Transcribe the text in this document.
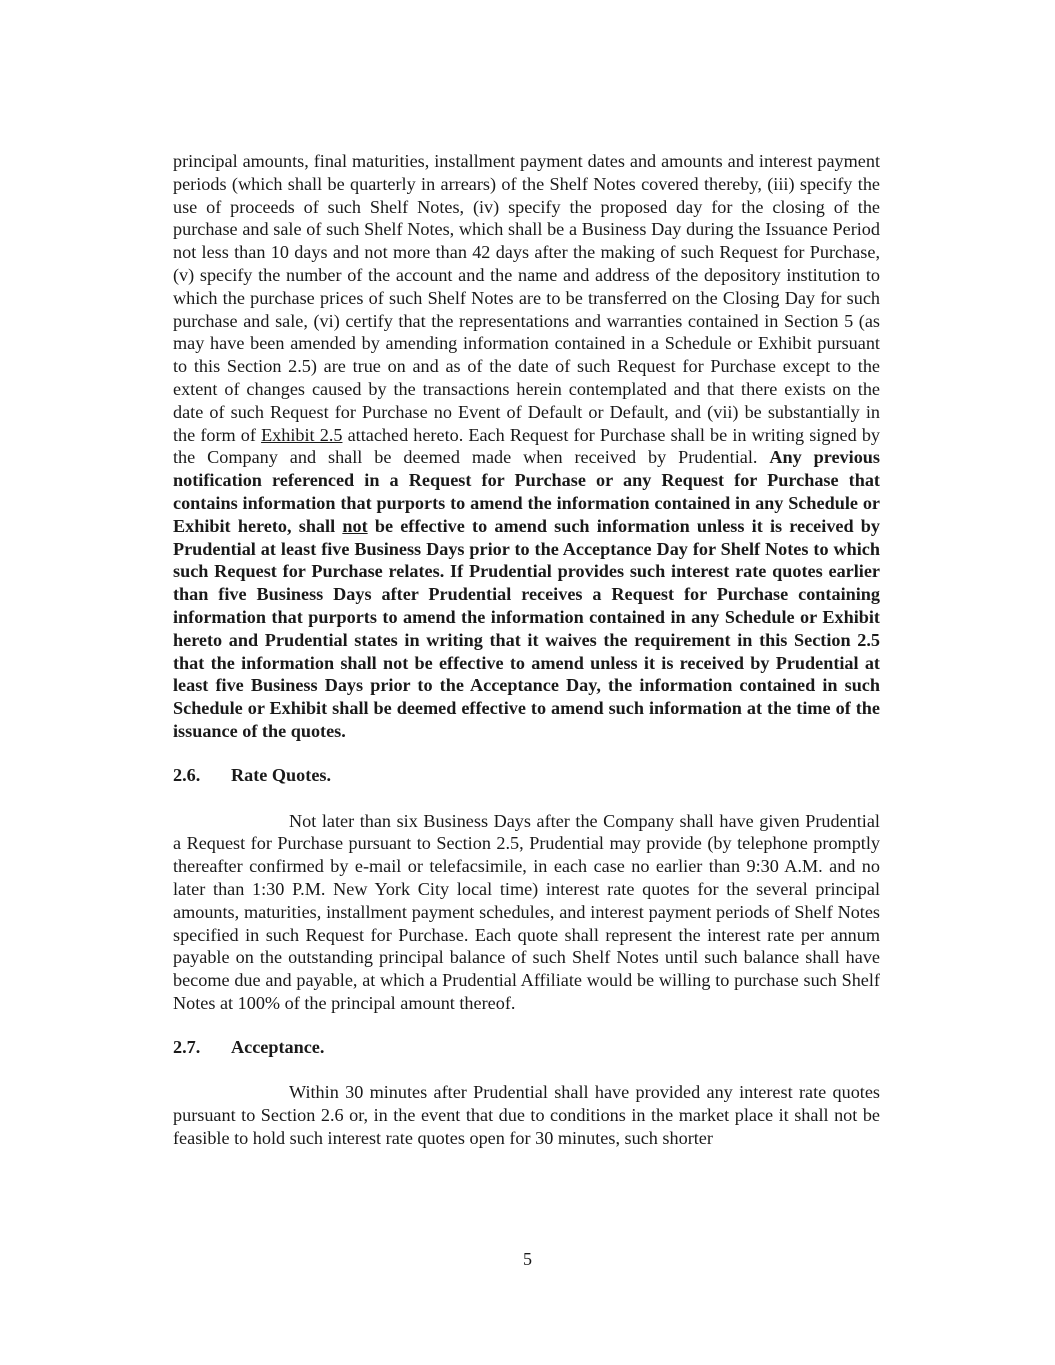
principal amounts, final maturities, installment payment dates and amounts and interest payment periods (which shall be quarterly in arrears) of the Shelf Notes covered thereby, (iii) specify the use of proceeds of such Shelf Notes, (iv) specify the proposed day for the closing of the purchase and sale of such Shelf Notes, which shall be a Business Day during the Issuance Period not less than 10 days and not more than 42 days after the making of such Request for Purchase, (v) specify the number of the account and the name and address of the depository institution to which the purchase prices of such Shelf Notes are to be transferred on the Closing Day for such purchase and sale, (vi) certify that the representations and warranties contained in Section 5 (as may have been amended by amending information contained in a Schedule or Exhibit pursuant to this Section 2.5) are true on and as of the date of such Request for Purchase except to the extent of changes caused by the transactions herein contemplated and that there exists on the date of such Request for Purchase no Event of Default or Default, and (vii) be substantially in the form of Exhibit 2.5 attached hereto. Each Request for Purchase shall be in writing signed by the Company and shall be deemed made when received by Prudential. Any previous notification referenced in a Request for Purchase or any Request for Purchase that contains information that purports to amend the information contained in any Schedule or Exhibit hereto, shall not be effective to amend such information unless it is received by Prudential at least five Business Days prior to the Acceptance Day for Shelf Notes to which such Request for Purchase relates. If Prudential provides such interest rate quotes earlier than five Business Days after Prudential receives a Request for Purchase containing information that purports to amend the information contained in any Schedule or Exhibit hereto and Prudential states in writing that it waives the requirement in this Section 2.5 that the information shall not be effective to amend unless it is received by Prudential at least five Business Days prior to the Acceptance Day, the information contained in such Schedule or Exhibit shall be deemed effective to amend such information at the time of the issuance of the quotes.

2.6. Rate Quotes.

Not later than six Business Days after the Company shall have given Prudential a Request for Purchase pursuant to Section 2.5, Prudential may provide (by telephone promptly thereafter confirmed by e-mail or telefacsimile, in each case no earlier than 9:30 A.M. and no later than 1:30 P.M. New York City local time) interest rate quotes for the several principal amounts, maturities, installment payment schedules, and interest payment periods of Shelf Notes specified in such Request for Purchase. Each quote shall represent the interest rate per annum payable on the outstanding principal balance of such Shelf Notes until such balance shall have become due and payable, at which a Prudential Affiliate would be willing to purchase such Shelf Notes at 100% of the principal amount thereof.

2.7. Acceptance.

Within 30 minutes after Prudential shall have provided any interest rate quotes pursuant to Section 2.6 or, in the event that due to conditions in the market place it shall not be feasible to hold such interest rate quotes open for 30 minutes, such shorter

5
